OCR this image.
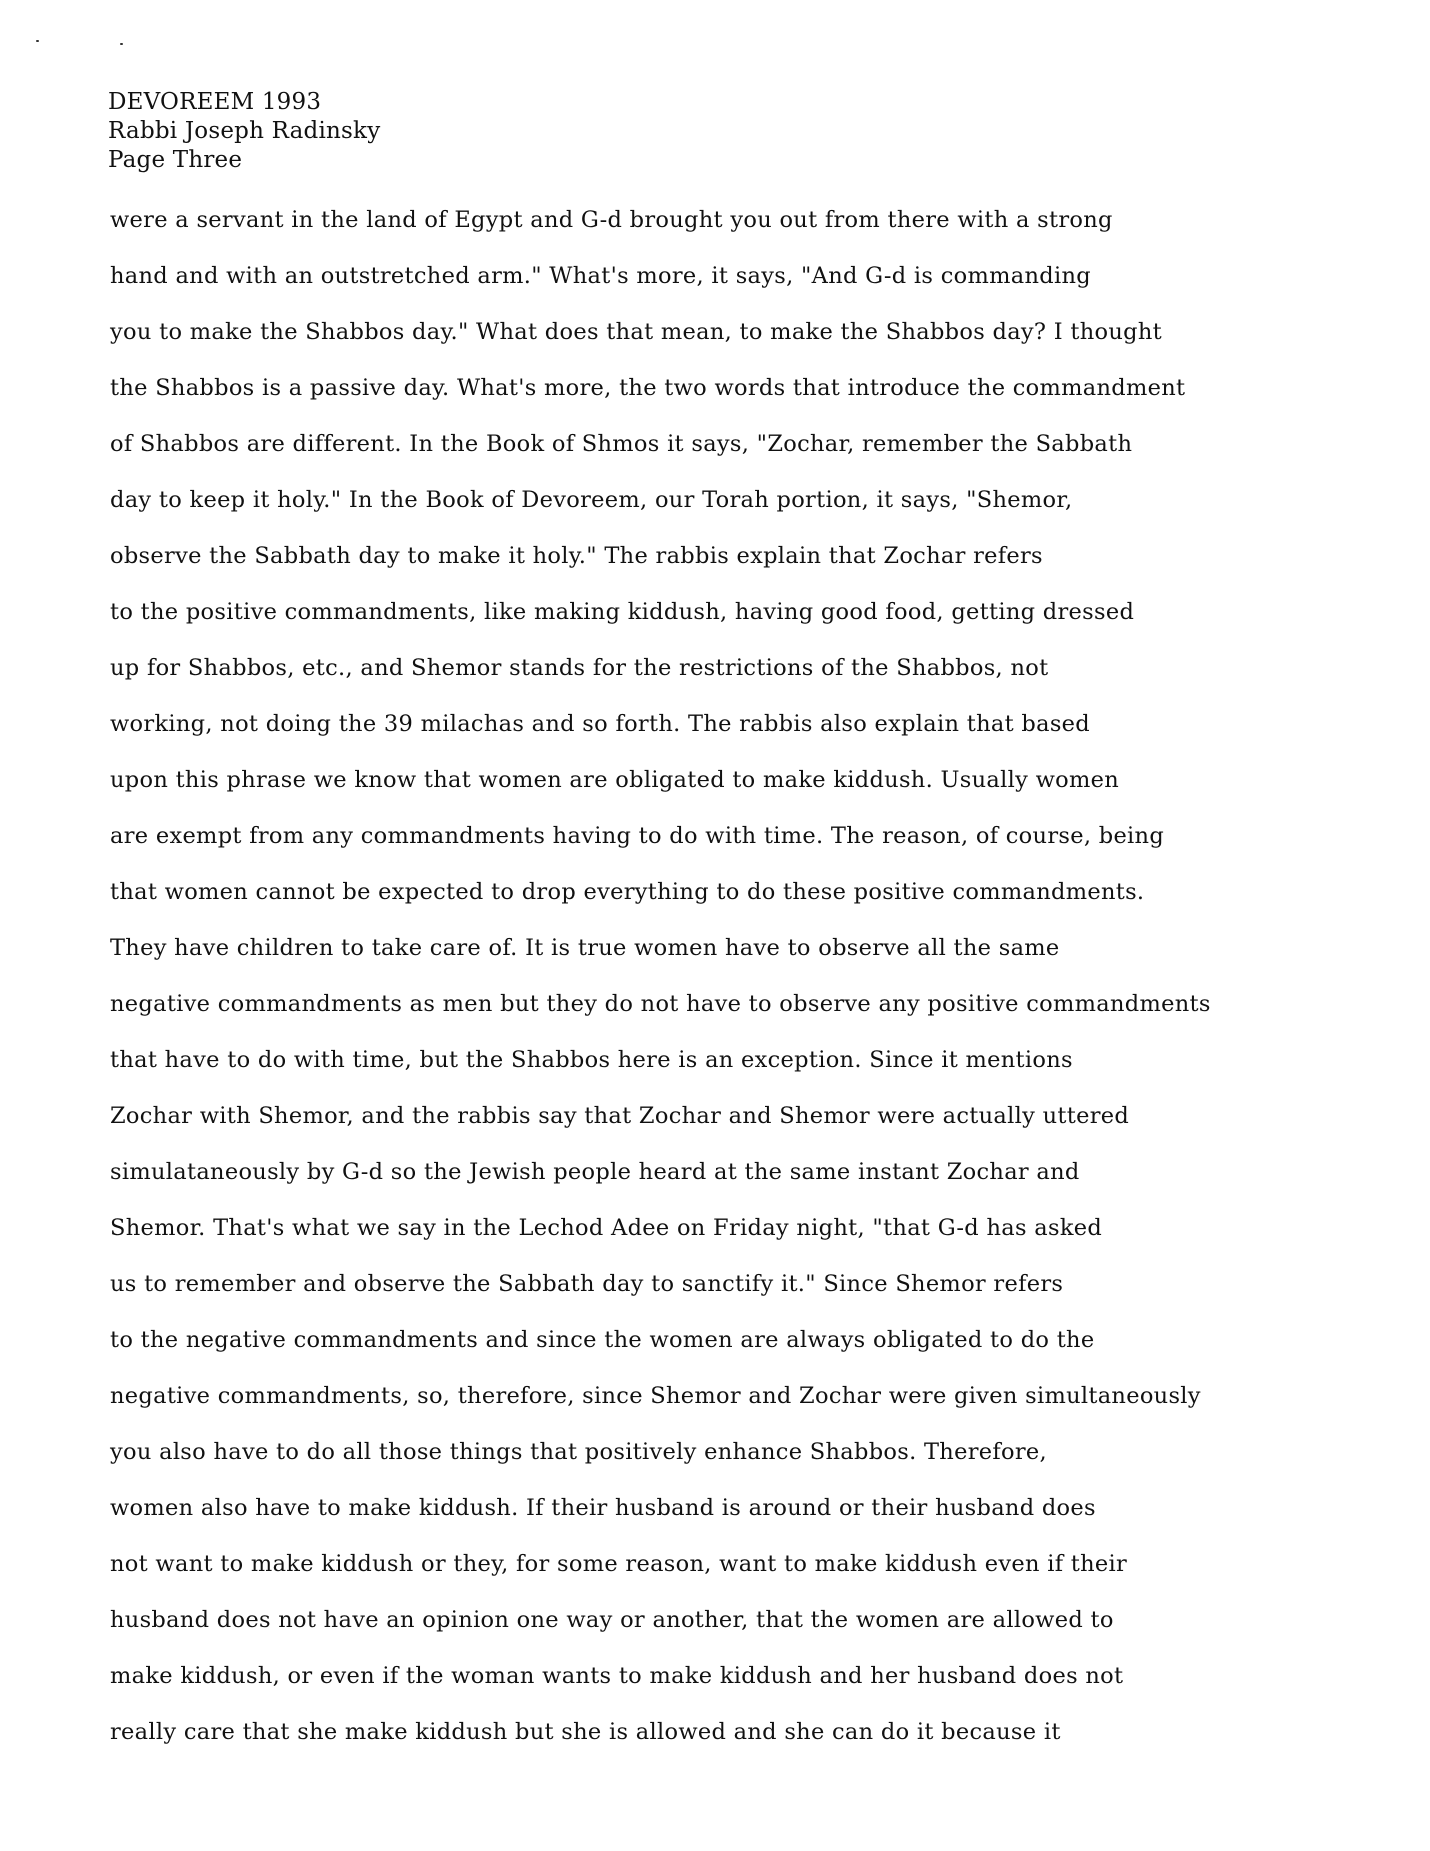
DEVOREEM 1993
Rabbi Joseph Radinsky
Page Three
were a servant in the land of Egypt and G-d brought you out from there with a strong
hand and with an outstretched arm." What's more, it says, "And G-d is commanding
you to make the Shabbos day." What does that mean, to make the Shabbos day? I thought
the Shabbos is a passive day. What's more, the two words that introduce the commandment
of Shabbos are different. In the Book of Shmos it says, "Zochar, remember the Sabbath
day to keep it holy." In the Book of Devoreem, our Torah portion, it says, "Shemor,
observe the Sabbath day to make it holy." The rabbis explain that Zochar refers
to the positive commandments, like making kiddush, having good food, getting dressed
up for Shabbos, etc., and Shemor stands for the restrictions of the Shabbos, not
working, not doing the 39 milachas and so forth. The rabbis also explain that based
upon this phrase we know that women are obligated to make kiddush. Usually women
are exempt from any commandments having to do with time. The reason, of course, being
that women cannot be expected to drop everything to do these positive commandments.
They have children to take care of. It is true women have to observe all the same
negative commandments as men but they do not have to observe any positive commandments
that have to do with time, but the Shabbos here is an exception. Since it mentions
Zochar with Shemor, and the rabbis say that Zochar and Shemor were actually uttered
simulataneously by G-d so the Jewish people heard at the same instant Zochar and
Shemor. That's what we say in the Lechod Adee on Friday night, "that G-d has asked
us to remember and observe the Sabbath day to sanctify it." Since Shemor refers
to the negative commandments and since the women are always obligated to do the
negative commandments, so, therefore, since Shemor and Zochar were given simultaneously
you also have to do all those things that positively enhance Shabbos. Therefore,
women also have to make kiddush. If their husband is around or their husband does
not want to make kiddush or they, for some reason, want to make kiddush even if their
husband does not have an opinion one way or another, that the women are allowed to
make kiddush, or even if the woman wants to make kiddush and her husband does not
really care that she make kiddush but she is allowed and she can do it because it
